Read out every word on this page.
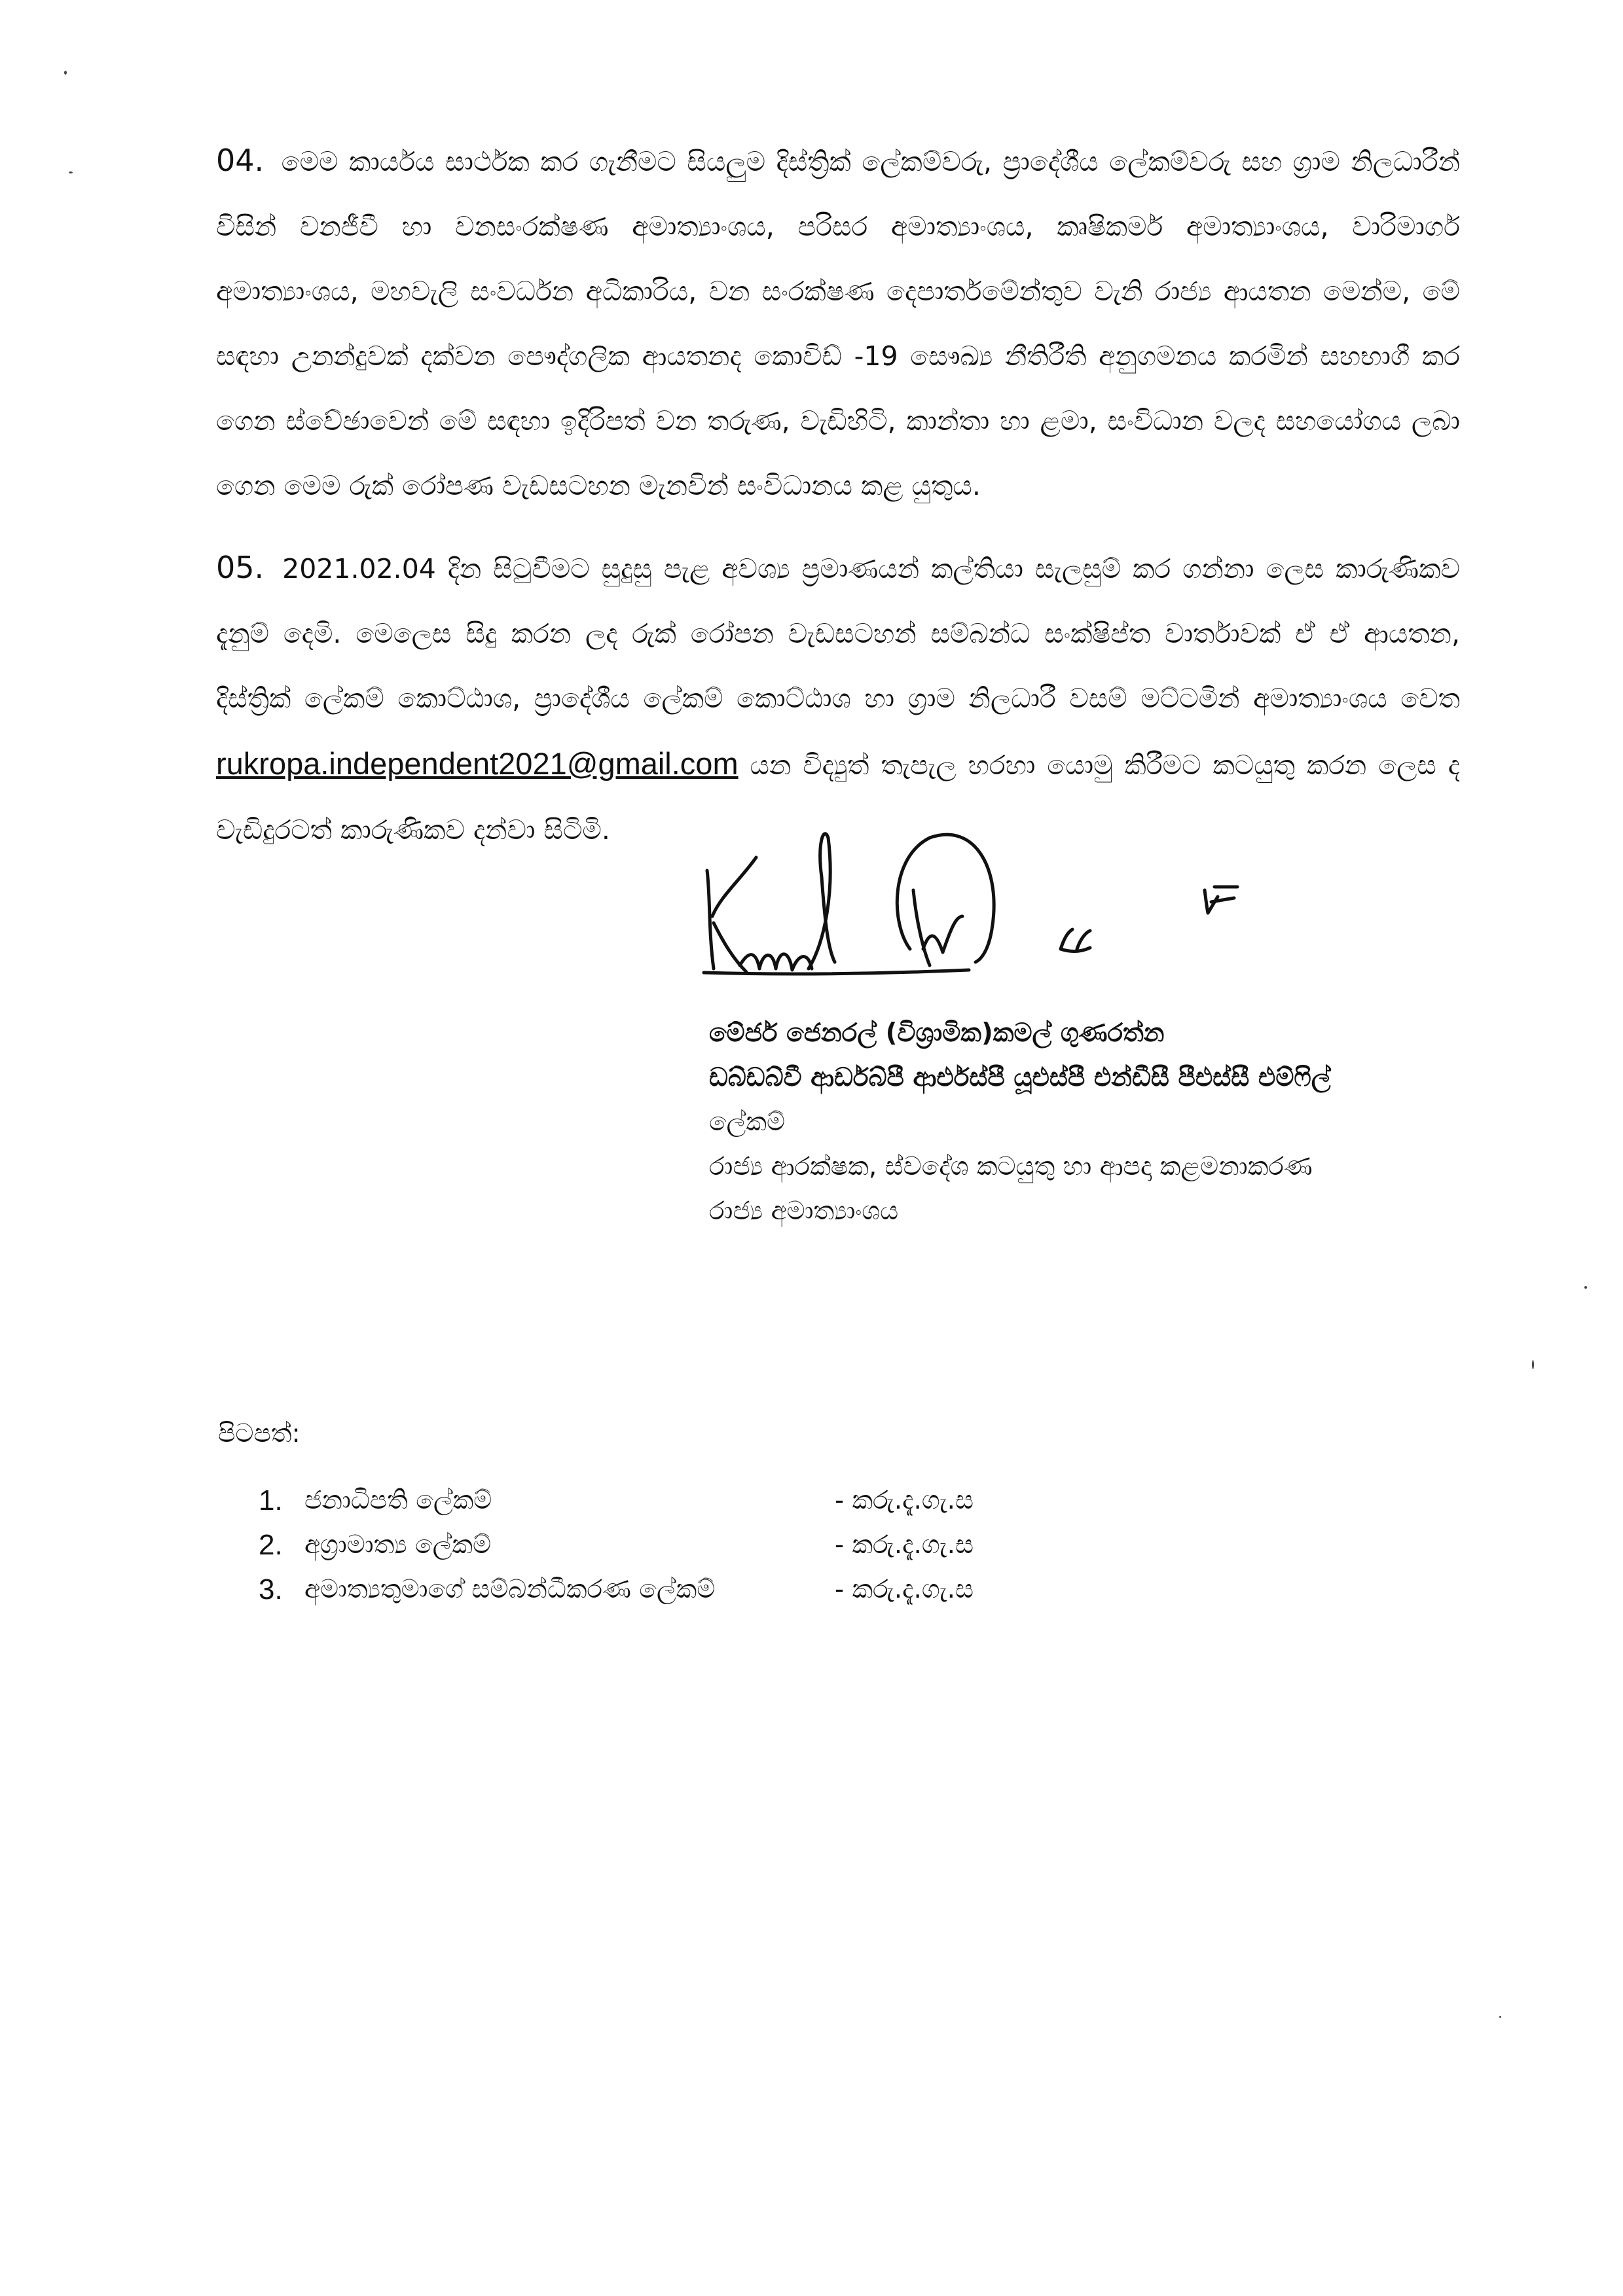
04. මෙම කාර්යය සාර්ථක කර ගැනීමට සියලුම දිස්ත්‍රික් ලේකම්වරු, ප්‍රාදේශීය ලේකම්වරු සහ ග්‍රාම නිලධාරීන් විසින් වනජීවී හා වනසංරක්ෂණ අමාත්‍යාංශය, පරිසර අමාත්‍යාංශය, කෘෂිකර්ම අමාත්‍යාංශය, වාරිමාර්ග අමාත්‍යාංශය, මහවැලි සංවර්ධන අධිකාරිය, වන සංරක්ෂණ දෙපාර්තමේන්තුව වැනි රාජ්‍ය ආයතන මෙන්ම, මේ සඳහා උනන්දුවක් දක්වන පෞද්ගලික ආයතනද කොවිඩ් -19 සෞඛ්‍ය නීතිරීති අනුගමනය කරමින් සහභාගී කර ගෙන ස්වේඡාවෙන් මේ සඳහා ඉදිරිපත් වන තරුණ, වැඩිහිටි, කාන්තා හා ළමා, සංවිධාන වලද සහයෝගය ලබා ගෙන මෙම රුක් රෝපණ වැඩසටහන මැනවින් සංවිධානය කළ යුතුය.
05. 2021.02.04 දින සිටුවීමට සුදුසු පැළ අවශ්‍ය ප්‍රමාණයන් කල්තියා සැලසුම් කර ගන්නා ලෙස කාරුණිකව දැනුම් දෙමි. මෙලෙස සිදු කරන ලද රුක් රෝපන වැඩසටහන් සම්බන්ධ සංක්ෂිප්ත වාර්තාවක් ඒ ඒ ආයතන, දිස්ත්‍රික් ලේකම් කොට්ඨාශ, ප්‍රාදේශීය ලේකම් කොට්ඨාශ හා ග්‍රාම නිලධාරී වසම් මට්ටමින් අමාත්‍යාංශය වෙත rukropa.independent2021@gmail.com යන විද්‍යුත් තැපැල හරහා යොමු කිරීමට කටයුතු කරන ලෙස ද වැඩිදුරටත් කාරුණිකව දන්වා සිටිමි.
මේජර් ජෙනරල් (විශ්‍රාමික)කමල් ගුණරත්න
ඩබ්ඩබ්වී ආර්ඩබ්පී ආර්එස්පී යූඑස්පී එන්ඩීසී පීඑස්සී එම්ෆිල්
ලේකම්
රාජ්‍ය ආරක්ෂක, ස්වදේශ කටයුතු හා ආපදා කළමනාකරණ
රාජ්‍ය අමාත්‍යාංශය
පිටපත්:
1. ජනාධිපති ලේකම්	- කරු.දැ.ගැ.ස
2. අග්‍රාමාත්‍ය ලේකම්	- කරු.දැ.ගැ.ස
3. අමාත්‍යතුමාගේ සම්බන්ධීකරණ ලේකම්	- කරු.දැ.ගැ.ස
